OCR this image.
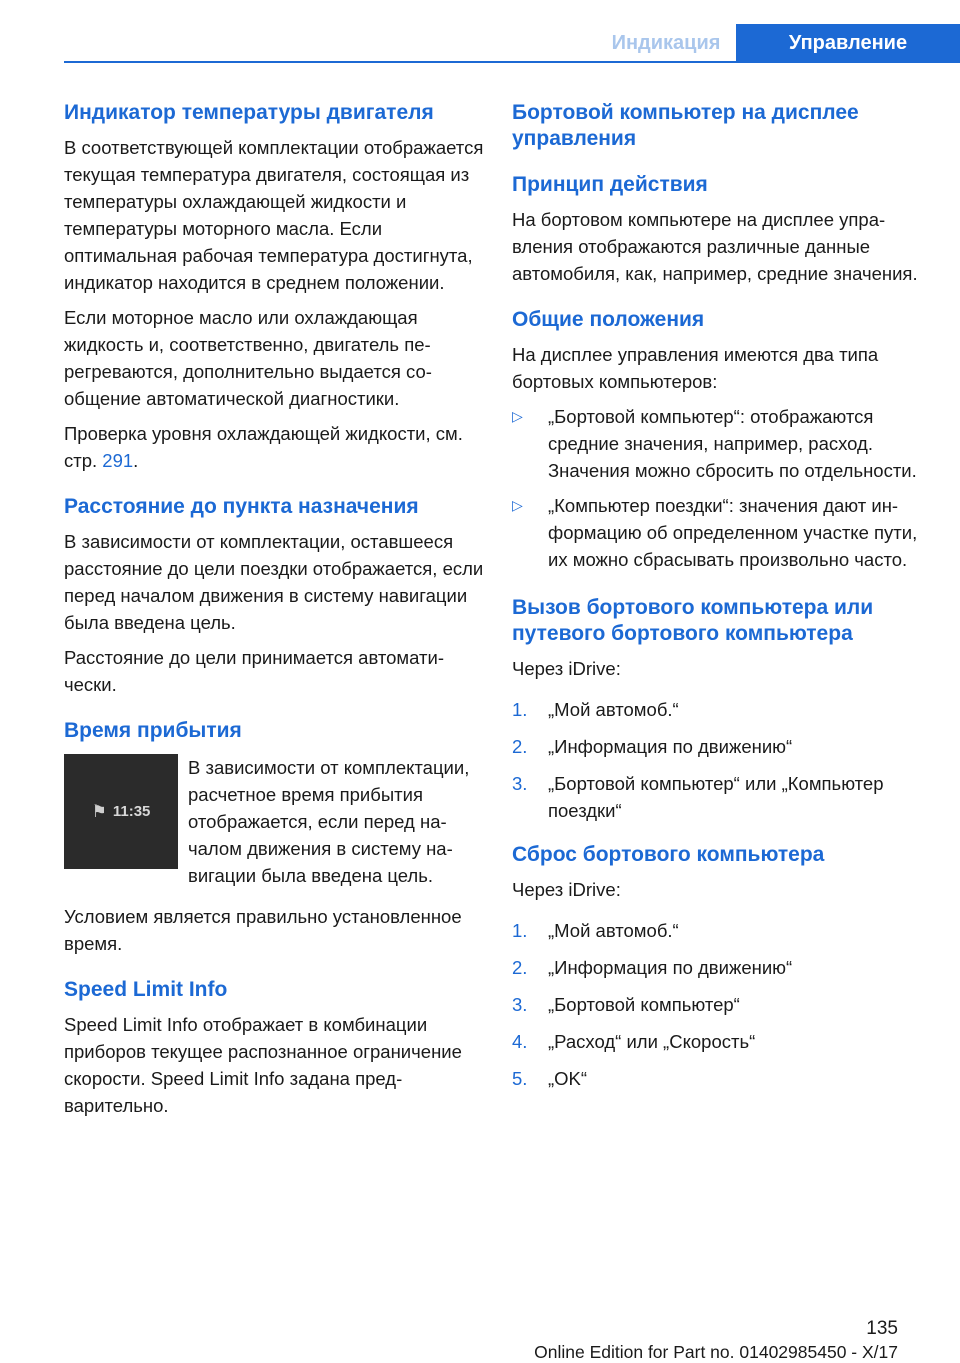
Индикация	Управление
Индикатор температуры двигателя

В соответствующей комплектации отображается текущая температура двигателя, состоящая из температуры охлаждающей жидкости и температуры моторного масла. Если оптимальная рабочая температура достигнута, индикатор находится в среднем положении.

Если моторное масло или охлаждающая жидкость и, соответственно, двигатель перегреваются, дополнительно выдается сообщение автоматической диагностики.

Проверка уровня охлаждающей жидкости, см. стр. 291.

Расстояние до пункта назначения

В зависимости от комплектации, оставшееся расстояние до цели поездки отображается, если перед началом движения в систему навигации была введена цель.

Расстояние до цели принимается автоматически.

Время прибытия
⚑ 11:35

В зависимости от комплектации, расчетное время прибытия отображается, если перед началом движения в систему навигации была введена цель.

Условием является правильно установленное время.

Speed Limit Info

Speed Limit Info отображает в комбинации приборов текущее распознанное ограничение скорости. Speed Limit Info задана предварительно.

Бортовой компьютер на дисплее управления
Принцип действия

На бортовом компьютере на дисплее управления отображаются различные данные автомобиля, как, например, средние значения.

Общие положения

На дисплее управления имеются два типа бортовых компьютеров:

▷ „Бортовой компьютер“: отображаются средние значения, например, расход. Значения можно сбросить по отдельности.
▷ „Компьютер поездки“: значения дают информацию об определенном участке пути, их можно сбрасывать произвольно часто.
Вызов бортового компьютера или путевого бортового компьютера

Через iDrive:

1. „Мой автомоб.“
2. „Информация по движению“
3. „Бортовой компьютер“ или „Компьютер поездки“
Сброс бортового компьютера

Через iDrive:

1. „Мой автомоб.“
2. „Информация по движению“
3. „Бортовой компьютер“
4. „Расход“ или „Скорость“
5. „OK“
135
Online Edition for Part no. 01402985450 - X/17
